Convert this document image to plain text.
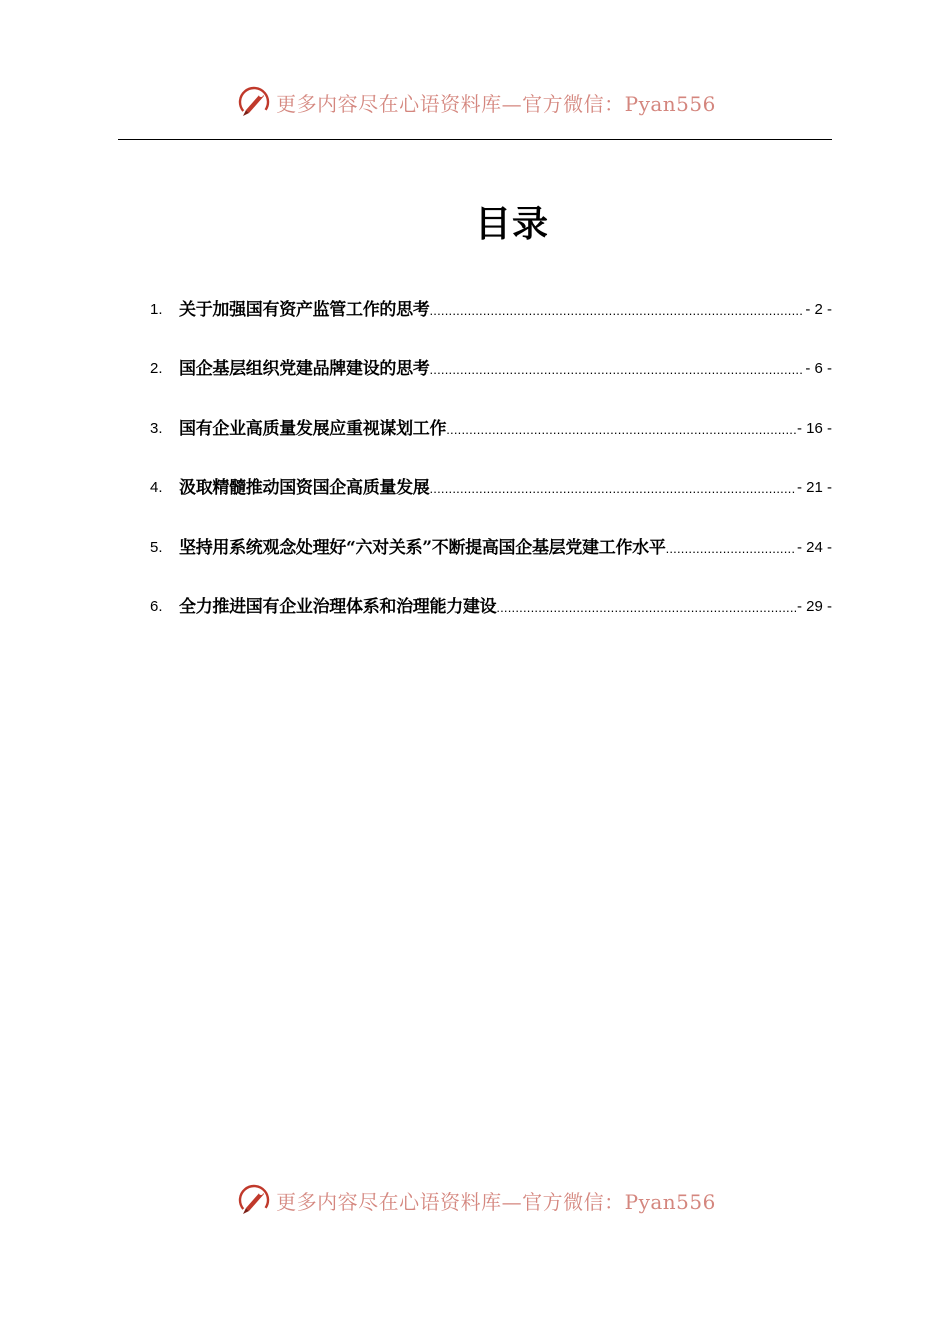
更多内容尽在心语资料库—官方微信：Pyan556
目录
1. 关于加强国有资产监管工作的思考 .....	- 2 -
2. 国企基层组织党建品牌建设的思考 .....	- 6 -
3. 国有企业高质量发展应重视谋划工作 .....	- 16 -
4. 汲取精髓推动国资国企高质量发展 .....	- 21 -
5. 坚持用系统观念处理好“六对关系”不断提高国企基层党建工作水平 .....	- 24 -
6. 全力推进国有企业治理体系和治理能力建设 .....	- 29 -
更多内容尽在心语资料库—官方微信：Pyan556
